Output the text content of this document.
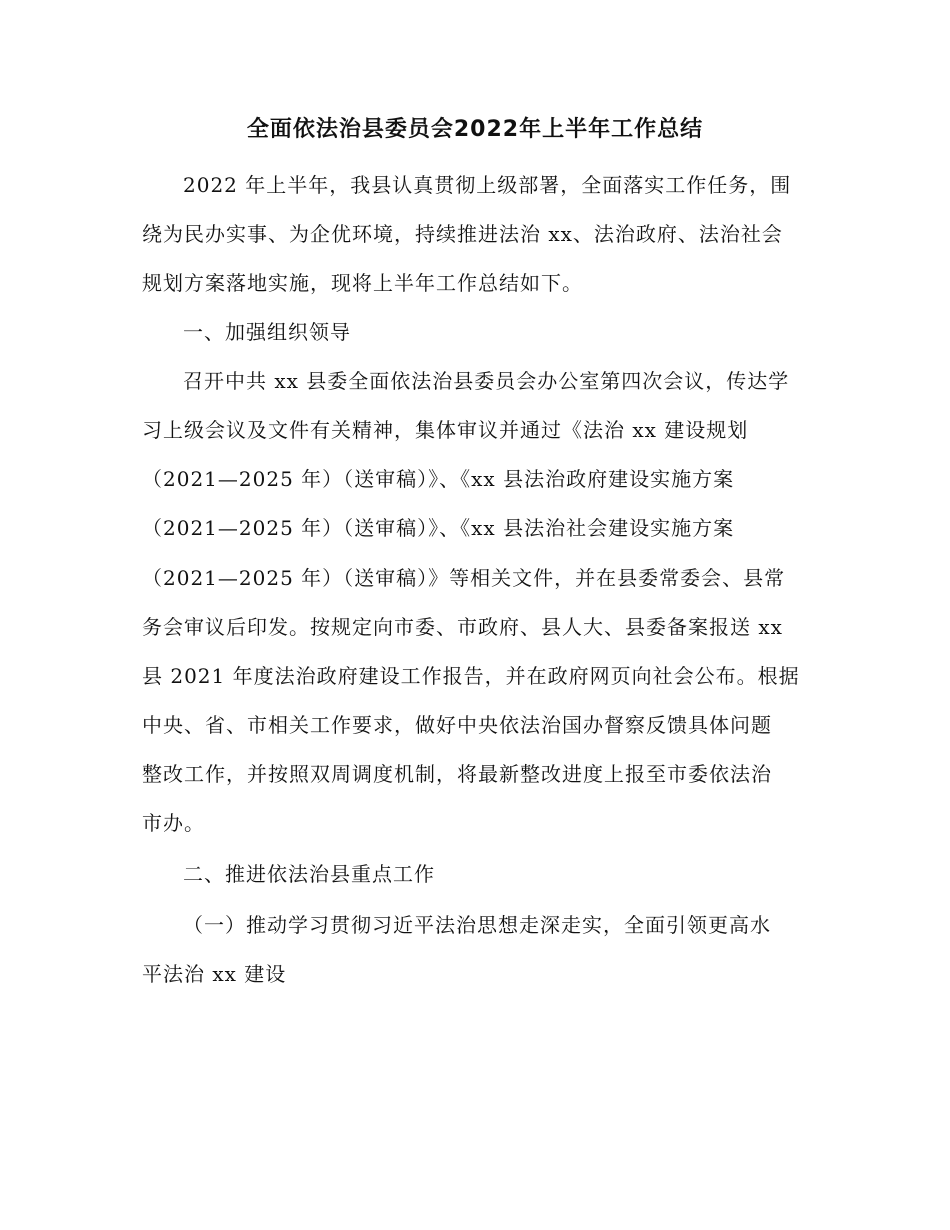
全面依法治县委员会2022年上半年工作总结
2022 年上半年，我县认真贯彻上级部署，全面落实工作任务，围
绕为民办实事、为企优环境，持续推进法治 xx、法治政府、法治社会
规划方案落地实施，现将上半年工作总结如下。
一、加强组织领导
召开中共 xx 县委全面依法治县委员会办公室第四次会议，传达学
习上级会议及文件有关精神，集体审议并通过《法治 xx 建设规划
（2021—2025 年）（送审稿）》、《xx 县法治政府建设实施方案
（2021—2025 年）（送审稿）》、《xx 县法治社会建设实施方案
（2021—2025 年）（送审稿）》等相关文件，并在县委常委会、县常
务会审议后印发。按规定向市委、市政府、县人大、县委备案报送 xx
县 2021 年度法治政府建设工作报告，并在政府网页向社会公布。根据
中央、省、市相关工作要求，做好中央依法治国办督察反馈具体问题
整改工作，并按照双周调度机制，将最新整改进度上报至市委依法治
市办。
二、推进依法治县重点工作
（一）推动学习贯彻习近平法治思想走深走实，全面引领更高水
平法治 xx 建设
